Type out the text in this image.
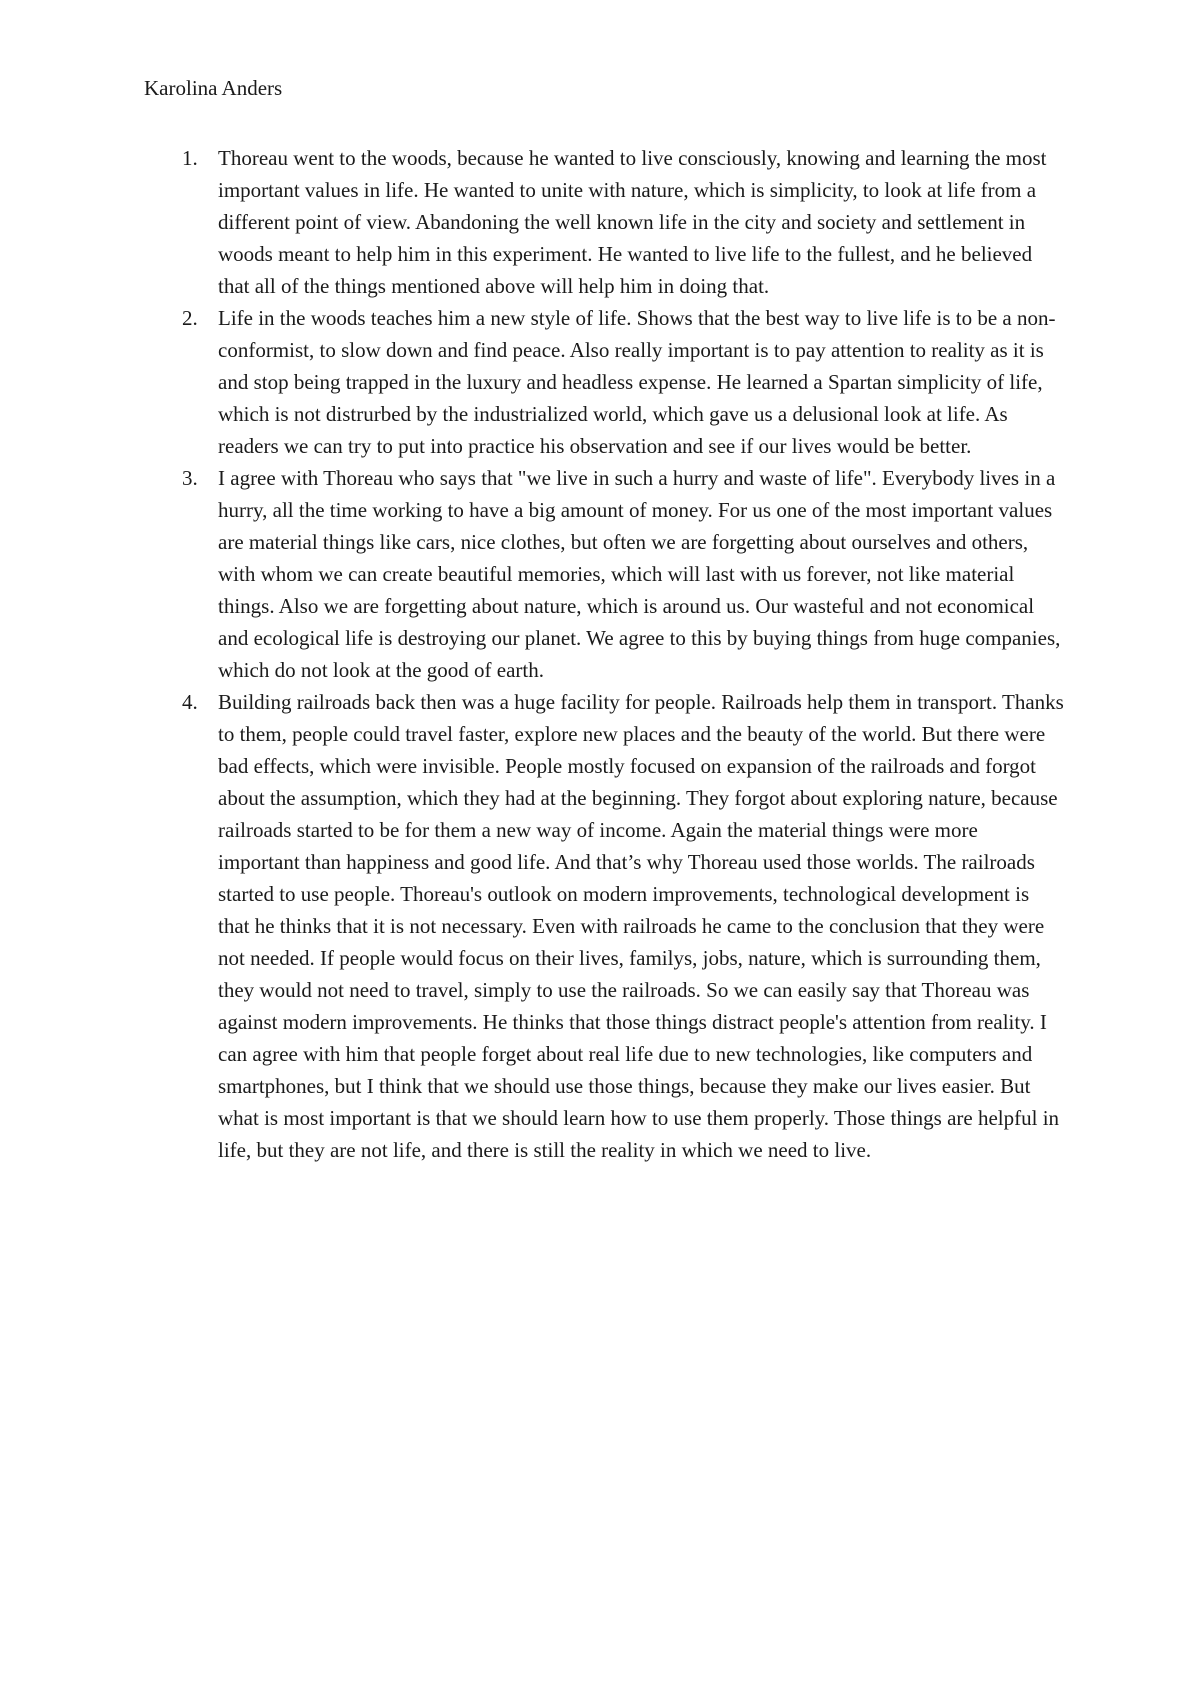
Karolina Anders
1. Thoreau went to the woods, because he wanted to live consciously, knowing and learning the most important values in life. He wanted to unite with nature, which is simplicity, to look at life from a different point of view. Abandoning the well known life in the city and society and settlement in woods meant to help him in this experiment. He wanted to live life to the fullest, and he believed that all of the things mentioned above will help him in doing that.
2. Life in the woods teaches him a new style of life. Shows that the best way to live life is to be a non-conformist, to slow down and find peace. Also really important is to pay attention to reality as it is and stop being trapped in the luxury and headless expense. He learned a Spartan simplicity of life, which is not distrurbed by the industrialized world, which gave us a delusional look at life. As readers we can try to put into practice his observation and see if our lives would be better.
3. I agree with Thoreau who says that "we live in such a hurry and waste of life". Everybody lives in a hurry, all the time working to have a big amount of money. For us one of the most important values are material things like cars, nice clothes, but often we are forgetting about ourselves and others, with whom we can create beautiful memories, which will last with us forever, not like material things. Also we are forgetting about nature, which is around us. Our wasteful and not economical and ecological life is destroying our planet. We agree to this by buying things from huge companies, which do not look at the good of earth.
4. Building railroads back then was a huge facility for people. Railroads help them in transport. Thanks to them, people could travel faster, explore new places and the beauty of the world. But there were bad effects, which were invisible. People mostly focused on expansion of the railroads and forgot about the assumption, which they had at the beginning. They forgot about exploring nature, because railroads started to be for them a new way of income. Again the material things were more important than happiness and good life. And that’s why Thoreau used those worlds. The railroads started to use people. Thoreau's outlook on modern improvements, technological development is that he thinks that it is not necessary. Even with railroads he came to the conclusion that they were not needed. If people would focus on their lives, familys, jobs, nature, which is surrounding them, they would not need to travel, simply to use the railroads. So we can easily say that Thoreau was against modern improvements. He thinks that those things distract people's attention from reality. I can agree with him that people forget about real life due to new technologies, like computers and smartphones, but I think that we should use those things, because they make our lives easier. But what is most important is that we should learn how to use them properly. Those things are helpful in life, but they are not life, and there is still the reality in which we need to live.
